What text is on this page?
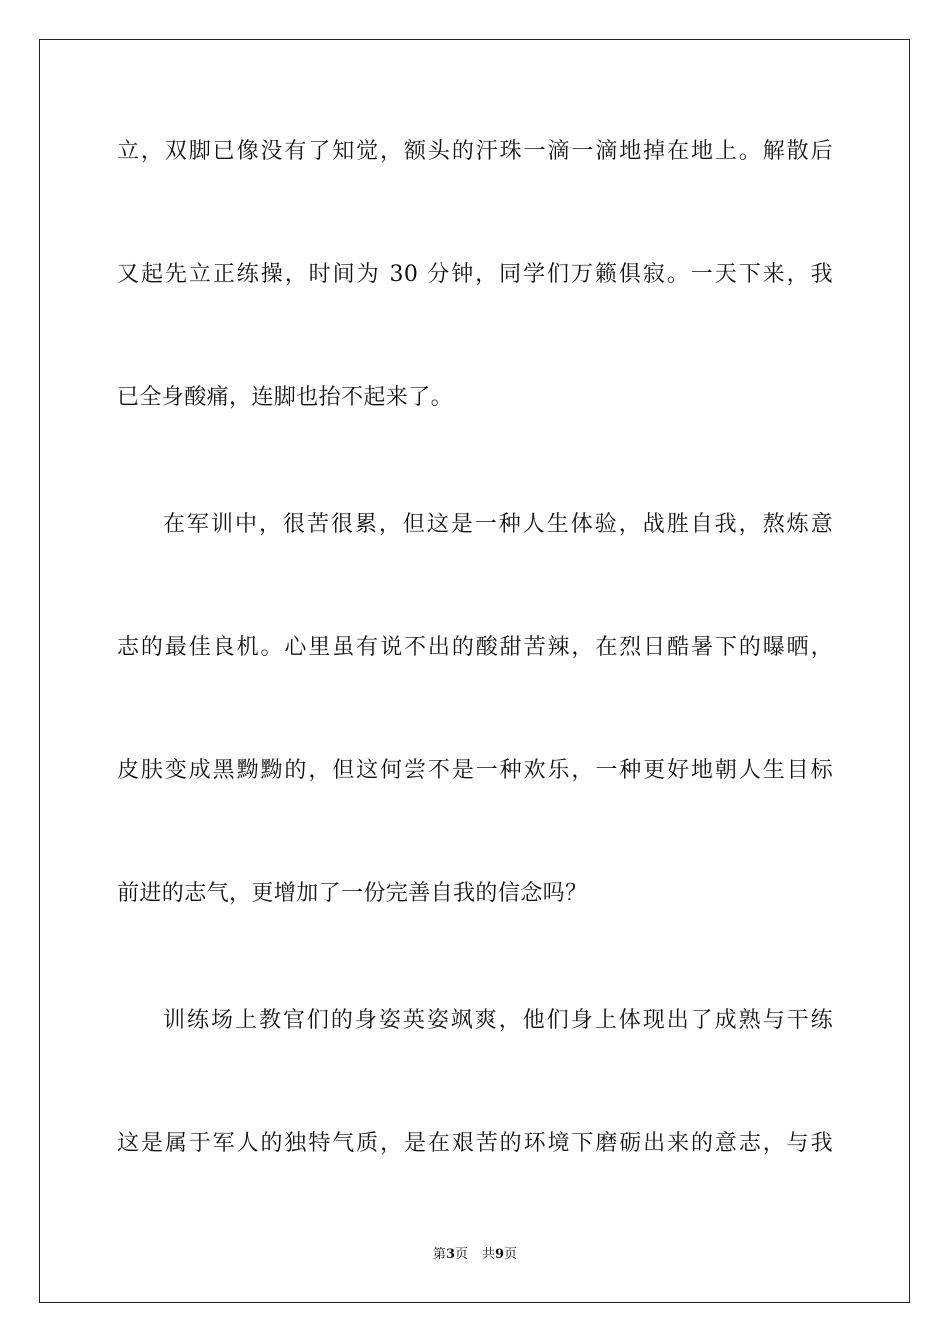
立，双脚已像没有了知觉，额头的汗珠一滴一滴地掉在地上。解散后
又起先立正练操，时间为 30 分钟，同学们万籁俱寂。一天下来，我
已全身酸痛，连脚也抬不起来了。
在军训中，很苦很累，但这是一种人生体验，战胜自我，熬炼意
志的最佳良机。心里虽有说不出的酸甜苦辣，在烈日酷暑下的曝晒，
皮肤变成黑黝黝的，但这何尝不是一种欢乐，一种更好地朝人生目标
前进的志气，更增加了一份完善自我的信念吗？
训练场上教官们的身姿英姿飒爽，他们身上体现出了成熟与干练
这是属于军人的独特气质，是在艰苦的环境下磨砺出来的意志，与我
第3页 共9页
